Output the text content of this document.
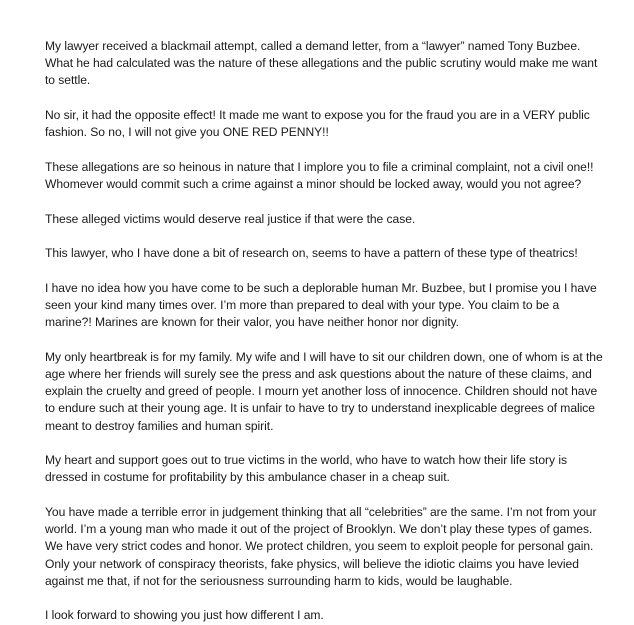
My lawyer received a blackmail attempt, called a demand letter, from a “lawyer” named Tony Buzbee. What he had calculated was the nature of these allegations and the public scrutiny would make me want to settle.

No sir, it had the opposite effect! It made me want to expose you for the fraud you are in a VERY public fashion. So no, I will not give you ONE RED PENNY!!

These allegations are so heinous in nature that I implore you to file a criminal complaint, not a civil one!! Whomever would commit such a crime against a minor should be locked away, would you not agree?

These alleged victims would deserve real justice if that were the case.

This lawyer, who I have done a bit of research on, seems to have a pattern of these type of theatrics!

I have no idea how you have come to be such a deplorable human Mr. Buzbee, but I promise you I have seen your kind many times over. I’m more than prepared to deal with your type. You claim to be a marine?! Marines are known for their valor, you have neither honor nor dignity.

My only heartbreak is for my family. My wife and I will have to sit our children down, one of whom is at the age where her friends will surely see the press and ask questions about the nature of these claims, and explain the cruelty and greed of people. I mourn yet another loss of innocence. Children should not have to endure such at their young age. It is unfair to have to try to understand inexplicable degrees of malice meant to destroy families and human spirit.

My heart and support goes out to true victims in the world, who have to watch how their life story is dressed in costume for profitability by this ambulance chaser in a cheap suit.

You have made a terrible error in judgement thinking that all “celebrities” are the same. I’m not from your world. I’m a young man who made it out of the project of Brooklyn. We don’t play these types of games. We have very strict codes and honor. We protect children, you seem to exploit people for personal gain. Only your network of conspiracy theorists, fake physics, will believe the idiotic claims you have levied against me that, if not for the seriousness surrounding harm to kids, would be laughable.

I look forward to showing you just how different I am.
